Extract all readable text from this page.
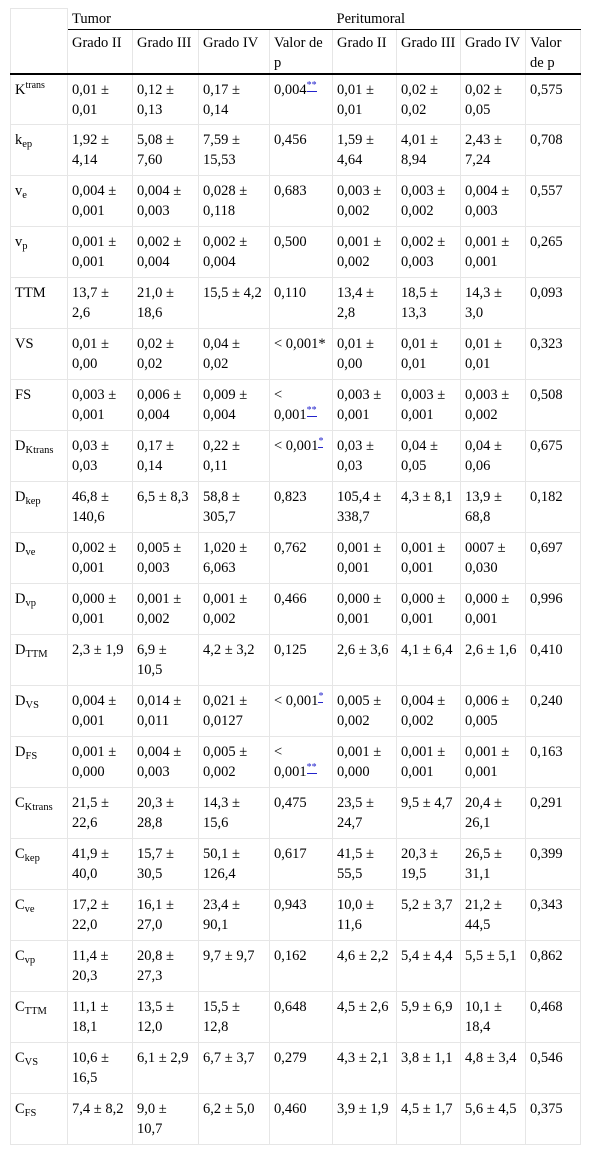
	Tumor				Peritumoral			
	Grado II	Grado III	Grado IV	Valor de p	Grado II	Grado III	Grado IV	Valor de p
$K^{trans}$	0,01 ± 0,01	0,12 ± 0,13	0,17 ± 0,14	0,004**	0,01 ± 0,01	0,02 ± 0,02	0,02 ± 0,05	0,575
$k_{ep}$	1,92 ± 4,14	5,08 ± 7,60	7,59 ± 15,53	0,456	1,59 ± 4,64	4,01 ± 8,94	2,43 ± 7,24	0,708
$v_e$	0,004 ± 0,001	0,004 ± 0,003	0,028 ± 0,118	0,683	0,003 ± 0,002	0,003 ± 0,002	0,004 ± 0,003	0,557
$v_p$	0,001 ± 0,001	0,002 ± 0,004	0,002 ± 0,004	0,500	0,001 ± 0,002	0,002 ± 0,003	0,001 ± 0,001	0,265
TTM	13,7 ± 2,6	21,0 ± 18,6	15,5 ± 4,2	0,110	13,4 ± 2,8	18,5 ± 13,3	14,3 ± 3,0	0,093
VS	0,01 ± 0,00	0,02 ± 0,02	0,04 ± 0,02	< 0,001*	0,01 ± 0,00	0,01 ± 0,01	0,01 ± 0,01	0,323
FS	0,003 ± 0,001	0,006 ± 0,004	0,009 ± 0,004	< 0,001**	0,003 ± 0,001	0,003 ± 0,001	0,003 ± 0,002	0,508
$D_{Ktrans}$	0,03 ± 0,03	0,17 ± 0,14	0,22 ± 0,11	< 0,001*	0,03 ± 0,03	0,04 ± 0,05	0,04 ± 0,06	0,675
$D_{kep}$	46,8 ± 140,6	6,5 ± 8,3	58,8 ± 305,7	0,823	105,4 ± 338,7	4,3 ± 8,1	13,9 ± 68,8	0,182
$D_{ve}$	0,002 ± 0,001	0,005 ± 0,003	1,020 ± 6,063	0,762	0,001 ± 0,001	0,001 ± 0,001	0007 ± 0,030	0,697
$D_{vp}$	0,000 ± 0,001	0,001 ± 0,002	0,001 ± 0,002	0,466	0,000 ± 0,001	0,000 ± 0,001	0,000 ± 0,001	0,996
$D_{TTM}$	2,3 ± 1,9	6,9 ± 10,5	4,2 ± 3,2	0,125	2,6 ± 3,6	4,1 ± 6,4	2,6 ± 1,6	0,410
$D_{VS}$	0,004 ± 0,001	0,014 ± 0,011	0,021 ± 0,0127	< 0,001*	0,005 ± 0,002	0,004 ± 0,002	0,006 ± 0,005	0,240
$D_{FS}$	0,001 ± 0,000	0,004 ± 0,003	0,005 ± 0,002	< 0,001**	0,001 ± 0,000	0,001 ± 0,001	0,001 ± 0,001	0,163
$C_{Ktrans}$	21,5 ± 22,6	20,3 ± 28,8	14,3 ± 15,6	0,475	23,5 ± 24,7	9,5 ± 4,7	20,4 ± 26,1	0,291
$C_{kep}$	41,9 ± 40,0	15,7 ± 30,5	50,1 ± 126,4	0,617	41,5 ± 55,5	20,3 ± 19,5	26,5 ± 31,1	0,399
$C_{ve}$	17,2 ± 22,0	16,1 ± 27,0	23,4 ± 90,1	0,943	10,0 ± 11,6	5,2 ± 3,7	21,2 ± 44,5	0,343
$C_{vp}$	11,4 ± 20,3	20,8 ± 27,3	9,7 ± 9,7	0,162	4,6 ± 2,2	5,4 ± 4,4	5,5 ± 5,1	0,862
$C_{TTM}$	11,1 ± 18,1	13,5 ± 12,0	15,5 ± 12,8	0,648	4,5 ± 2,6	5,9 ± 6,9	10,1 ± 18,4	0,468
$C_{VS}$	10,6 ± 16,5	6,1 ± 2,9	6,7 ± 3,7	0,279	4,3 ± 2,1	3,8 ± 1,1	4,8 ± 3,4	0,546
$C_{FS}$	7,4 ± 8,2	9,0 ± 10,7	6,2 ± 5,0	0,460	3,9 ± 1,9	4,5 ± 1,7	5,6 ± 4,5	0,375
